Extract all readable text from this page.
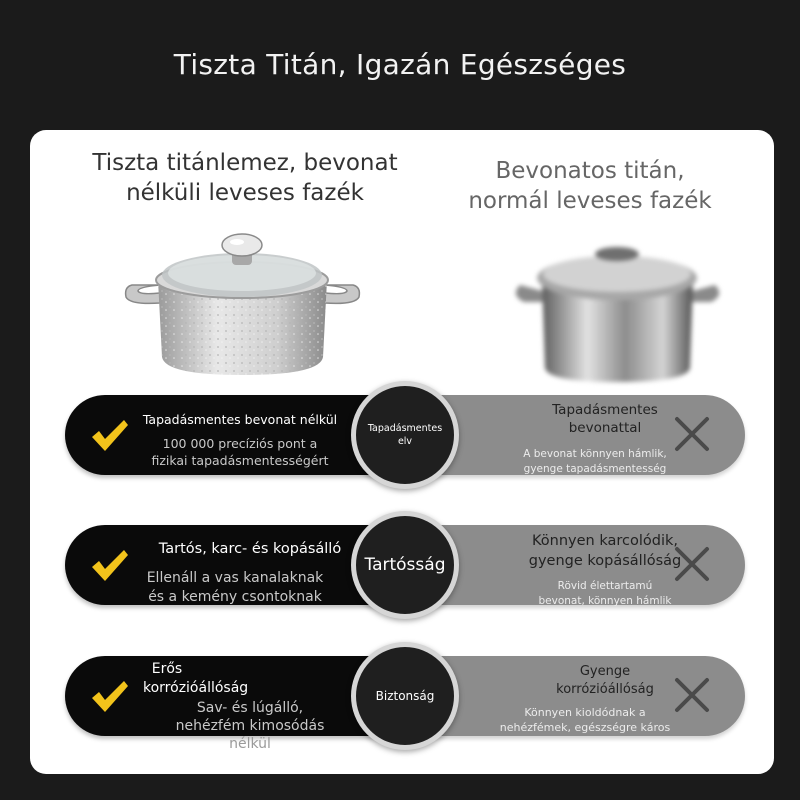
Tiszta Titán, Igazán Egészséges
Tiszta titánlemez, bevonat
nélküli leveses fazék
Bevonatos titán,
normál leveses fazék
Tapadásmentes bevonat nélkül
100 000 precíziós pont a
fizikai tapadásmentességért
Tapadásmentes
bevonattal
A bevonat könnyen hámlik,
gyenge tapadásmentesség
Tapadásmentes
elv
Tartós, karc- és kopásálló
Ellenáll a vas kanalaknak
és a kemény csontoknak
Könnyen karcolódik,
gyenge kopásállóság
Rövid élettartamú
bevonat, könnyen hámlik
Tartósság
Erős
korrózióállóság
Sav- és lúgálló,
nehézfém kimosódás
nélkül
Gyenge
korrózióállóság
Könnyen kioldódnak a
nehézfémek, egészségre káros
Biztonság
